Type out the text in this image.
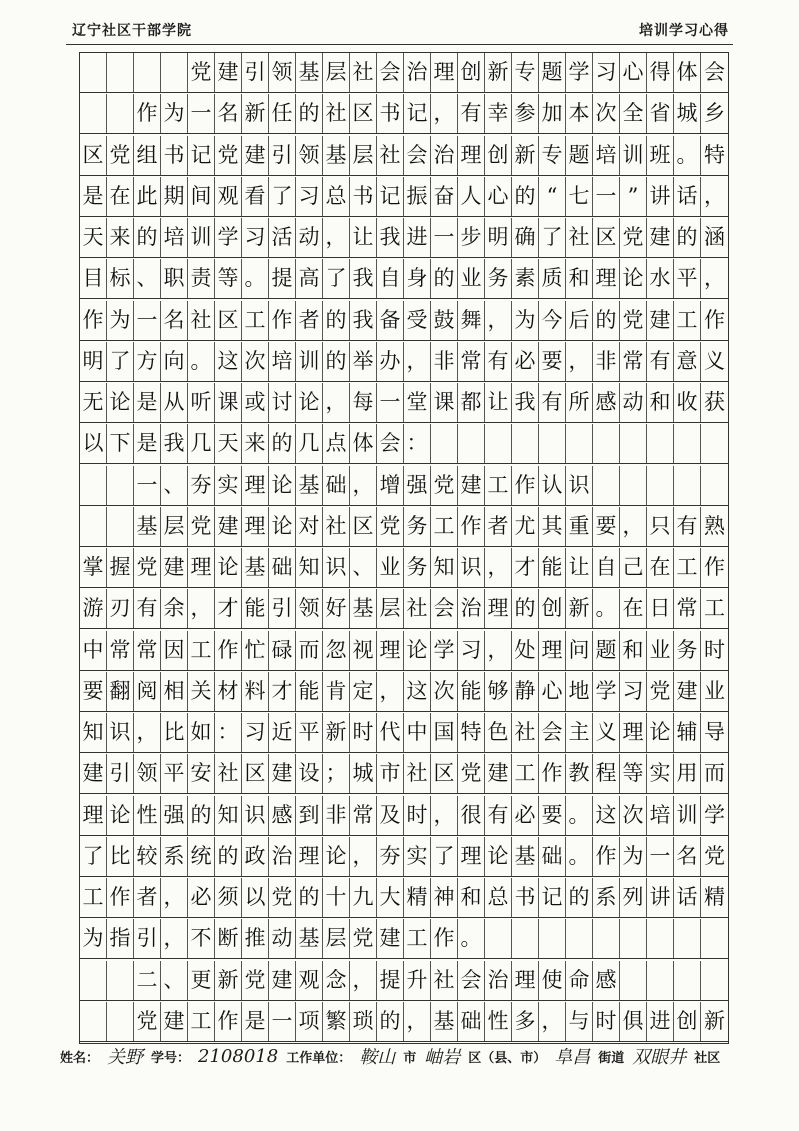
辽宁社区干部学院	培训学习心得
党 建 引 领 基 层 社 会 治 理 创 新 专 题 学 习 心 得 体 会
作 为 一 名 新 任 的 社 区 书 记 ， 有 幸 参 加 本 次 全 省 城 乡
区 党 组 书 记 党 建 引 领 基 层 社 会 治 理 创 新 专 题 培 训 班 。 特
是 在 此 期 间 观 看 了 习 总 书 记 振 奋 人 心 的 “ 七 一 ” 讲 话 ，
天 来 的 培 训 学 习 活 动 ， 让 我 进 一 步 明 确 了 社 区 党 建 的 涵
目 标 、 职 责 等 。 提 高 了 我 自 身 的 业 务 素 质 和 理 论 水 平 ，
作 为 一 名 社 区 工 作 者 的 我 备 受 鼓 舞 ， 为 今 后 的 党 建 工 作
明 了 方 向 。 这 次 培 训 的 举 办 ， 非 常 有 必 要 ， 非 常 有 意 义
无 论 是 从 听 课 或 讨 论 ， 每 一 堂 课 都 让 我 有 所 感 动 和 收 获
以 下 是 我 几 天 来 的 几 点 体 会 ：
一 、 夯 实 理 论 基 础 ， 增 强 党 建 工 作 认 识
基 层 党 建 理 论 对 社 区 党 务 工 作 者 尤 其 重 要 ， 只 有 熟
掌 握 党 建 理 论 基 础 知 识 、 业 务 知 识 ， 才 能 让 自 己 在 工 作
游 刃 有 余 ， 才 能 引 领 好 基 层 社 会 治 理 的 创 新 。 在 日 常 工
中 常 常 因 工 作 忙 碌 而 忽 视 理 论 学 习 ， 处 理 问 题 和 业 务 时
要 翻 阅 相 关 材 料 才 能 肯 定 ， 这 次 能 够 静 心 地 学 习 党 建 业
知 识 ， 比 如 ： 习 近 平 新 时 代 中 国 特 色 社 会 主 义 理 论 辅 导
建 引 领 平 安 社 区 建 设 ； 城 市 社 区 党 建 工 作 教 程 等 实 用 而
理 论 性 强 的 知 识 感 到 非 常 及 时 ， 很 有 必 要 。 这 次 培 训 学
了 比 较 系 统 的 政 治 理 论 ， 夯 实 了 理 论 基 础 。 作 为 一 名 党
工 作 者 ， 必 须 以 党 的 十 九 大 精 神 和 总 书 记 的 系 列 讲 话 精
为 指 引 ， 不 断 推 动 基 层 党 建 工 作 。
二 、 更 新 党 建 观 念 ， 提 升 社 会 治 理 使 命 感
党 建 工 作 是 一 项 繁 琐 的 ， 基 础 性 多 ， 与 时 俱 进 创 新
姓名： 关野 学号： 2108018 工作单位： 鞍山 市 岫岩 区（县、市） 阜昌 街道 双眼井 社区
